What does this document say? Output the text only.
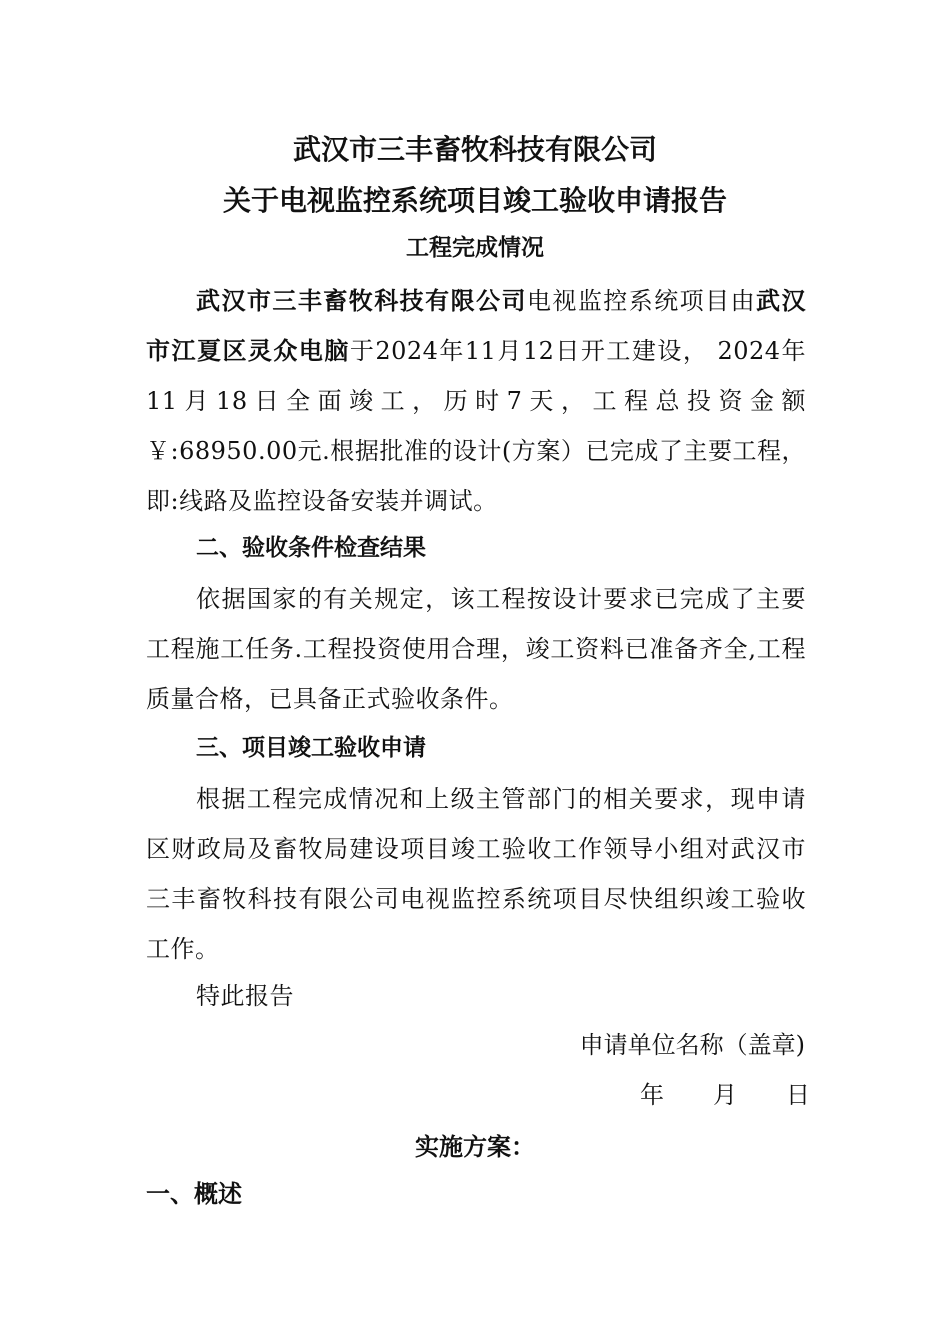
武汉市三丰畜牧科技有限公司
关于电视监控系统项目竣工验收申请报告
工程完成情况
武汉市三丰畜牧科技有限公司电视监控系统项目由武汉市江夏区灵众电脑于2024年11月12日开工建设， 2024年11月18日全面竣工，历时7天，工程总投资金额￥:68950.00元.根据批准的设计(方案）已完成了主要工程，即:线路及监控设备安装并调试。
二、验收条件检查结果
依据国家的有关规定，该工程按设计要求已完成了主要工程施工任务.工程投资使用合理，竣工资料已准备齐全,工程质量合格，已具备正式验收条件。
三、项目竣工验收申请
根据工程完成情况和上级主管部门的相关要求，现申请区财政局及畜牧局建设项目竣工验收工作领导小组对武汉市三丰畜牧科技有限公司电视监控系统项目尽快组织竣工验收工作。
特此报告
申请单位名称（盖章)
年 月 日
实施方案：
一、概述
